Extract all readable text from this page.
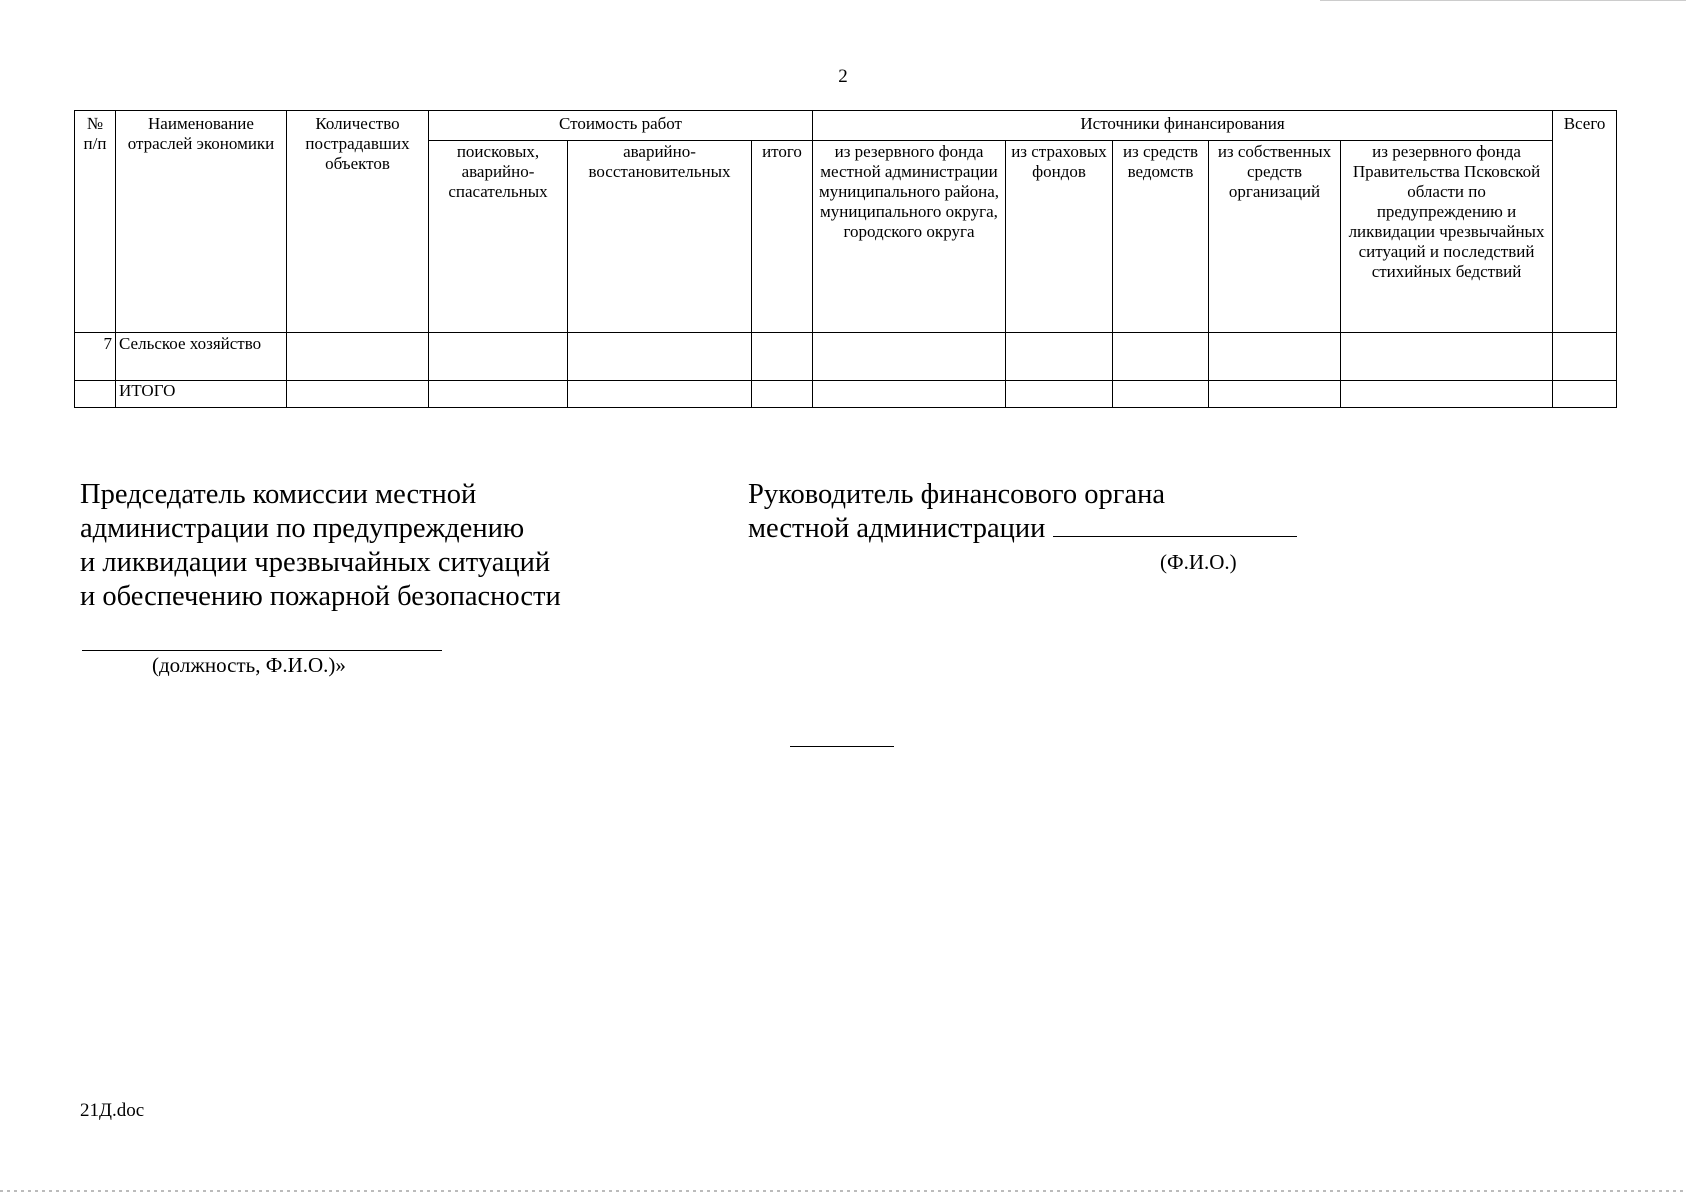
2
№ п/п	Наименование отраслей экономики	Количество пострадавших объектов	Стоимость работ			Источники финансирования					Всего
			поисковых, аварийно-спасательных	аварийно-восстановительных	итого	из резервного фонда местной администрации муниципального района, муниципального округа, городского округа	из страховых фондов	из средств ведомств	из собственных средств организаций	из резервного фонда Правительства Псковской области по предупреждению и ликвидации чрезвычайных ситуаций и последствий стихийных бедствий	
7	Сельское хозяйство										
	ИТОГО										
Председатель комиссии местной
администрации по предупреждению
и ликвидации чрезвычайных ситуаций
и обеспечению пожарной безопасности
(должность, Ф.И.О.)»
Руководитель финансового органа
местной администрации
(Ф.И.О.)
21Д.doc
